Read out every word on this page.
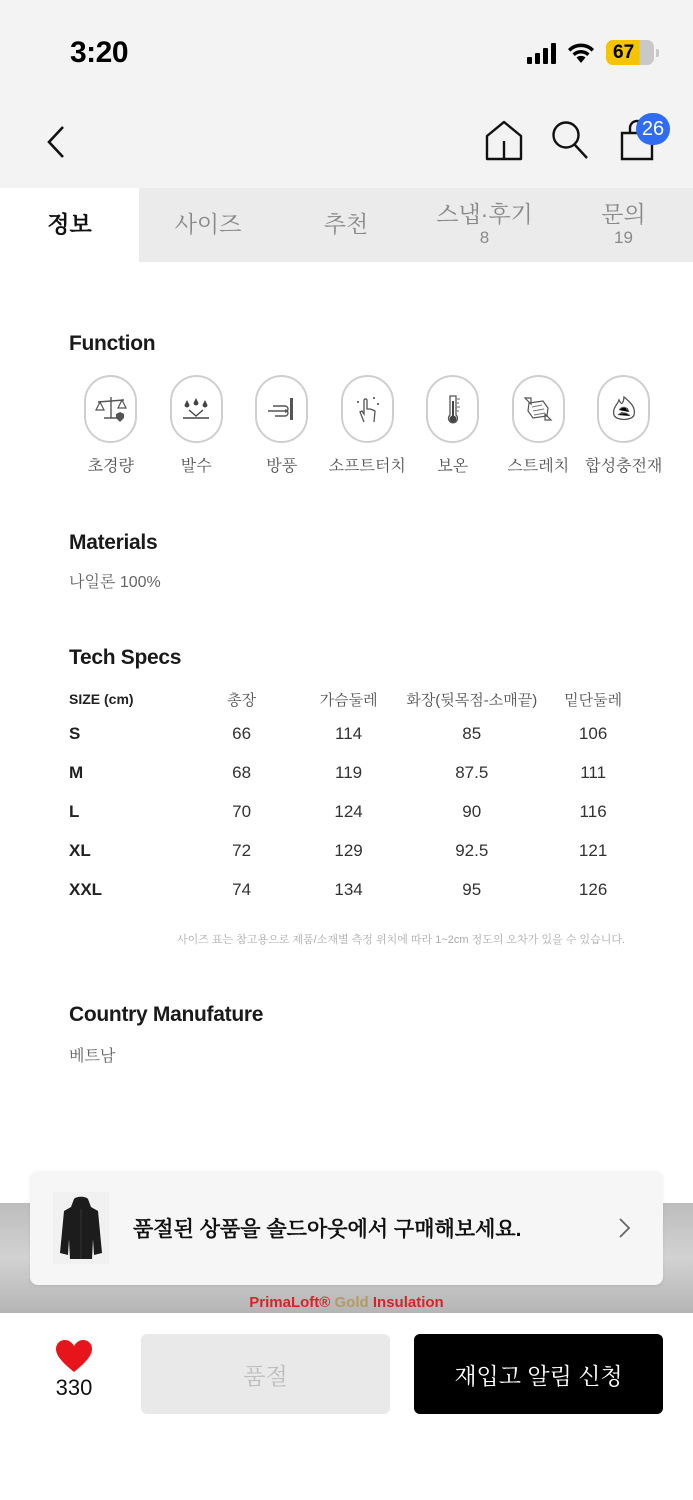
3:20	67
26
정보	사이즈	추천	스냅·후기
8
문의
19
Function
초경량	발수	방풍 소프트터치 보온 스트레치 합성충전재
Materials
나일론 100%
Tech Specs
SIZE (cm)	총장	가슴둘레	화장(뒷목점-소매끝)	밑단둘레
S	66	114	85	106
M	68	119	87.5	111
L	70	124	90	116
XL	72	129	92.5	121
XXL	74	134	95	126
사이즈 표는 참고용으로 제품/소재별 측정 위치에 따라 1~2cm 정도의 오차가 있을 수 있습니다.
Country Manufature
베트남
PrimaLoft® Gold Insulation
품절된 상품을 솔드아웃에서 구매해보세요.
330	품절	재입고 알림 신청
